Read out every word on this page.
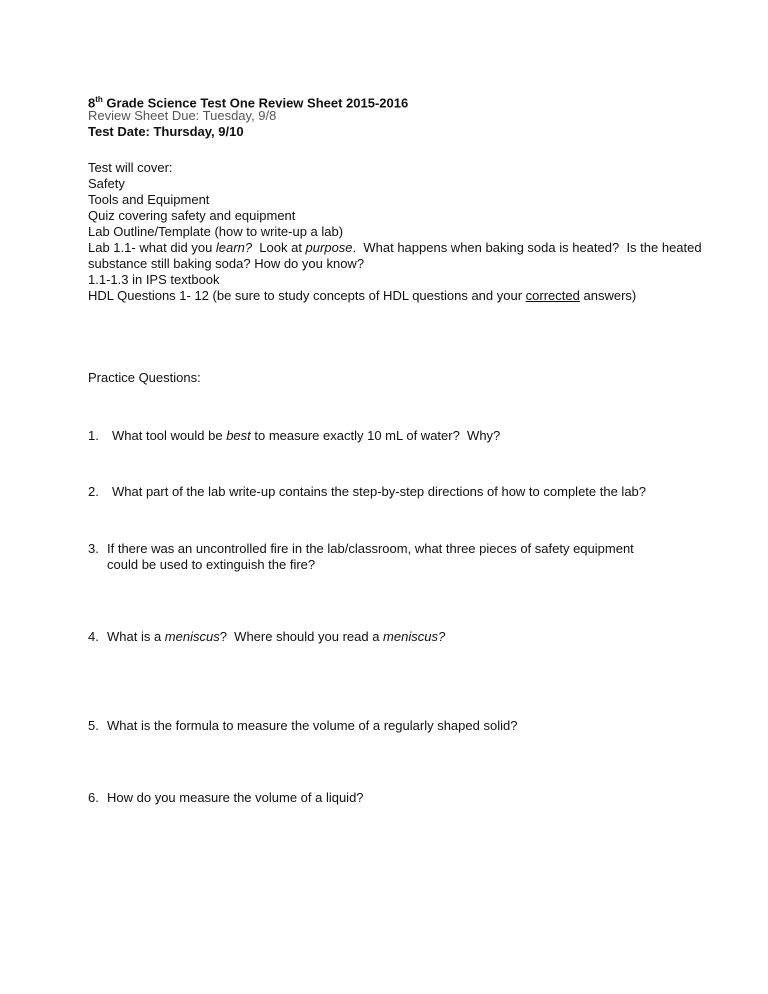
8th Grade Science Test One Review Sheet 2015-2016
Review Sheet Due: Tuesday, 9/8
Test Date: Thursday, 9/10
Test will cover:
Safety
Tools and Equipment
Quiz covering safety and equipment
Lab Outline/Template (how to write-up a lab)
Lab 1.1- what did you learn?  Look at purpose.  What happens when baking soda is heated?  Is the heated
substance still baking soda? How do you know?
1.1-1.3 in IPS textbook
HDL Questions 1- 12 (be sure to study concepts of HDL questions and your corrected answers)
Practice Questions:
1. What tool would be best to measure exactly 10 mL of water?  Why?
2. What part of the lab write-up contains the step-by-step directions of how to complete the lab?
3. If there was an uncontrolled fire in the lab/classroom, what three pieces of safety equipment
could be used to extinguish the fire?
4. What is a meniscus?  Where should you read a meniscus?
5. What is the formula to measure the volume of a regularly shaped solid?
6. How do you measure the volume of a liquid?
